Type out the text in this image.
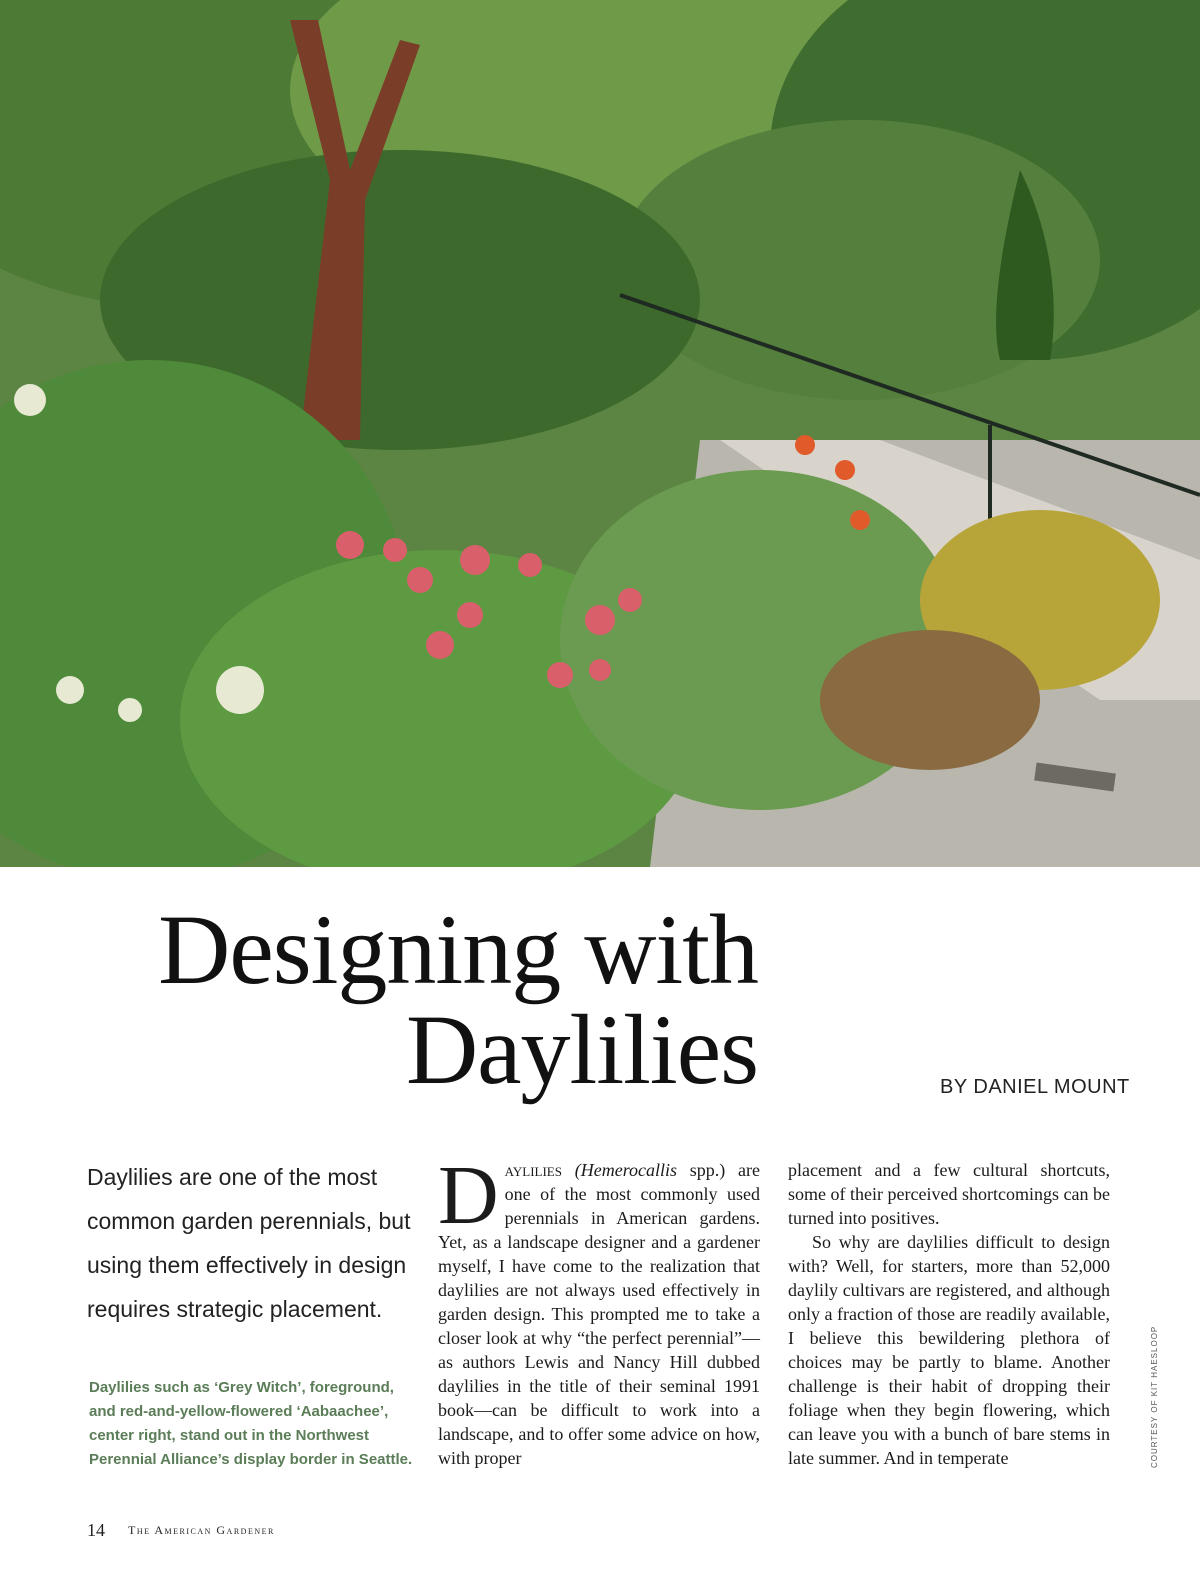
Designing with
Daylilies	BY DANIEL MOUNT

Daylilies are one of the most common garden perennials, but using them effectively in design requires strategic placement.

Daylilies such as ‘Grey Witch’, foreground, and red-and-yellow-flowered ‘Aabaachee’, center right, stand out in the Northwest Perennial Alliance’s display border in Seattle.

Daylilies (Hemerocallis spp.) are one of the most commonly used perennials in American gardens. Yet, as a landscape designer and a gardener myself, I have come to the realization that daylilies are not always used effectively in garden design. This prompted me to take a closer look at why “the perfect perennial”—as authors Lewis and Nancy Hill dubbed daylilies in the title of their seminal 1991 book—can be difficult to work into a landscape, and to offer some advice on how, with proper

placement and a few cultural shortcuts, some of their perceived shortcomings can be turned into positives.
So why are daylilies difficult to design with? Well, for starters, more than 52,000 daylily cultivars are registered, and although only a fraction of those are readily available, I believe this bewildering plethora of choices may be partly to blame. Another challenge is their habit of dropping their foliage when they begin flowering, which can leave you with a bunch of bare stems in late summer. And in temperate	COURTESY OF KIT HAESLOOP
14 The American Gardener
